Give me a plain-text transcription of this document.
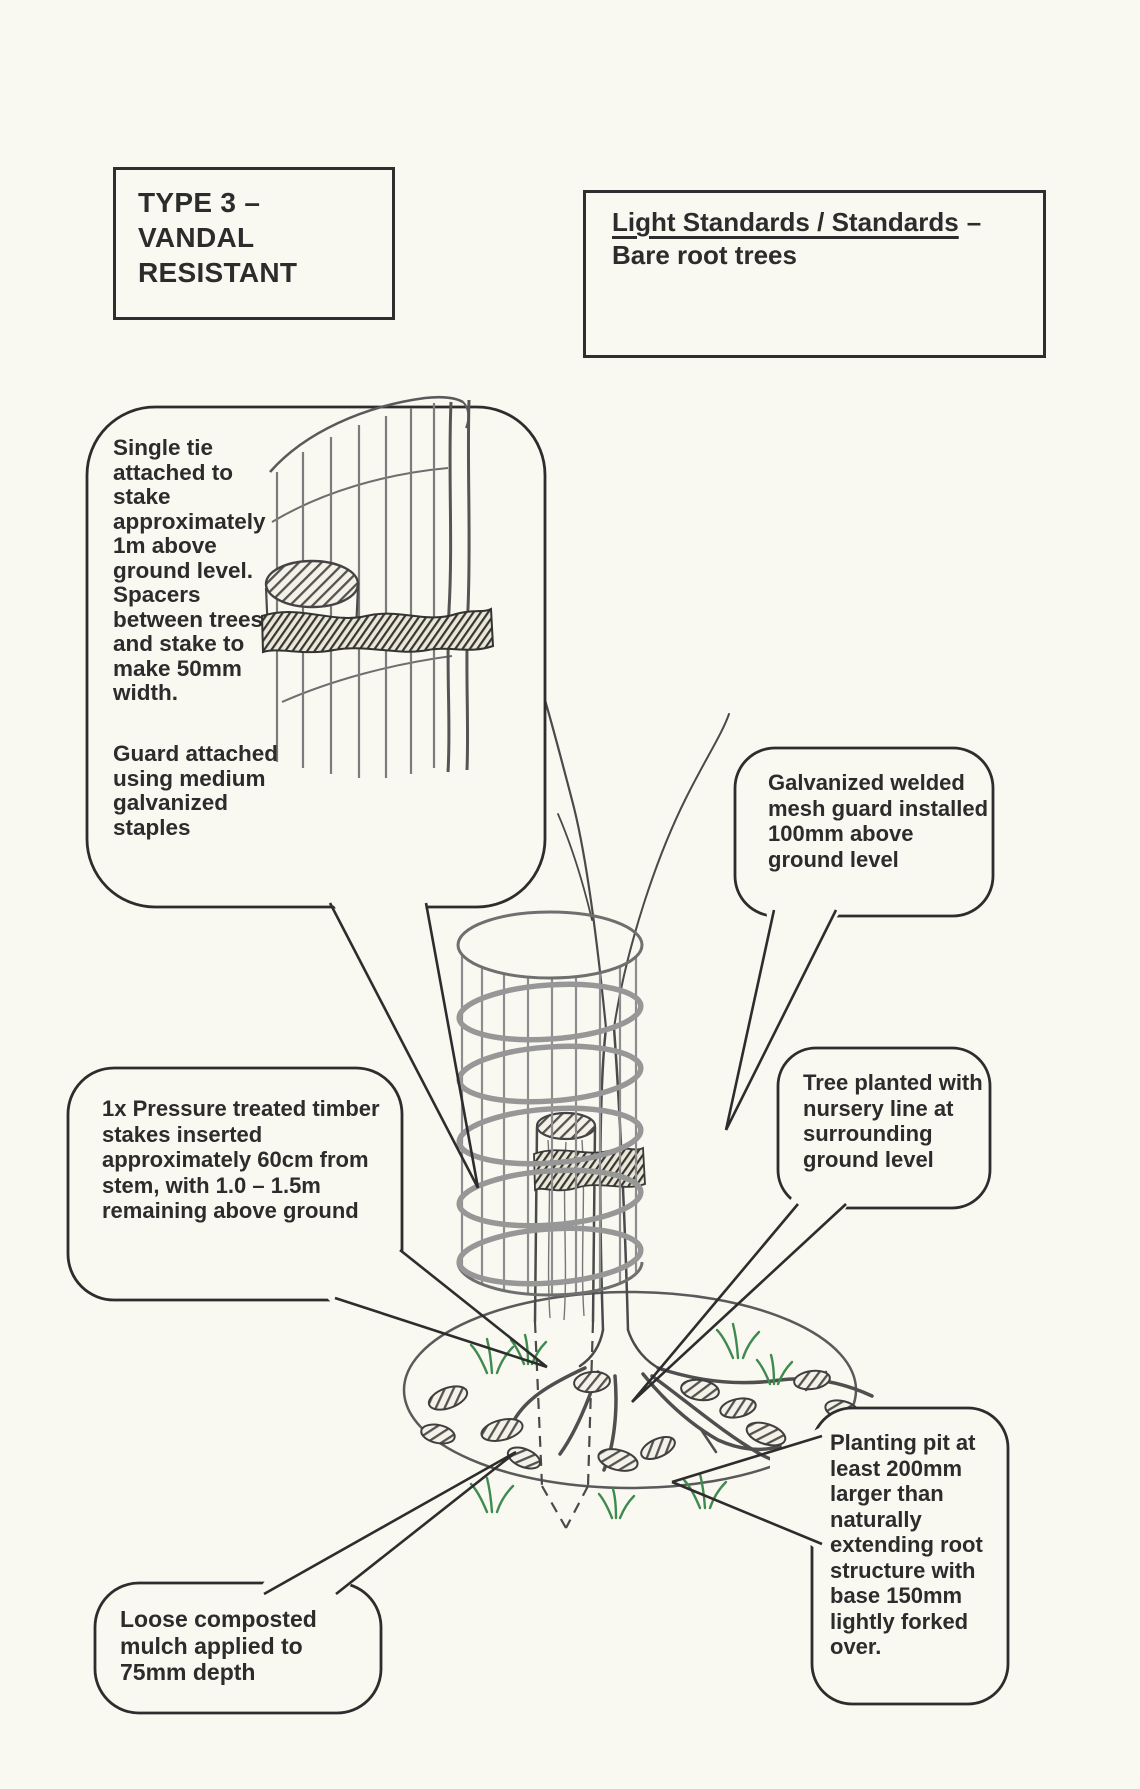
TYPE 3 –
VANDAL
RESISTANT
Light Standards / Standards –
Bare root trees
Single tie
attached to
stake
approximately
1m above
ground level.
Spacers
between trees
and stake to
make 50mm
width.
Guard attached
using medium
galvanized
staples
Galvanized welded
mesh guard installed
100mm above
ground level
Tree planted with
nursery line at
surrounding
ground level
Planting pit at
least 200mm
larger than
naturally
extending root
structure with
base 150mm
lightly forked
over.
1x Pressure treated timber
stakes inserted
approximately 60cm from
stem, with 1.0 – 1.5m
remaining above ground
Loose composted
mulch applied to
75mm depth
